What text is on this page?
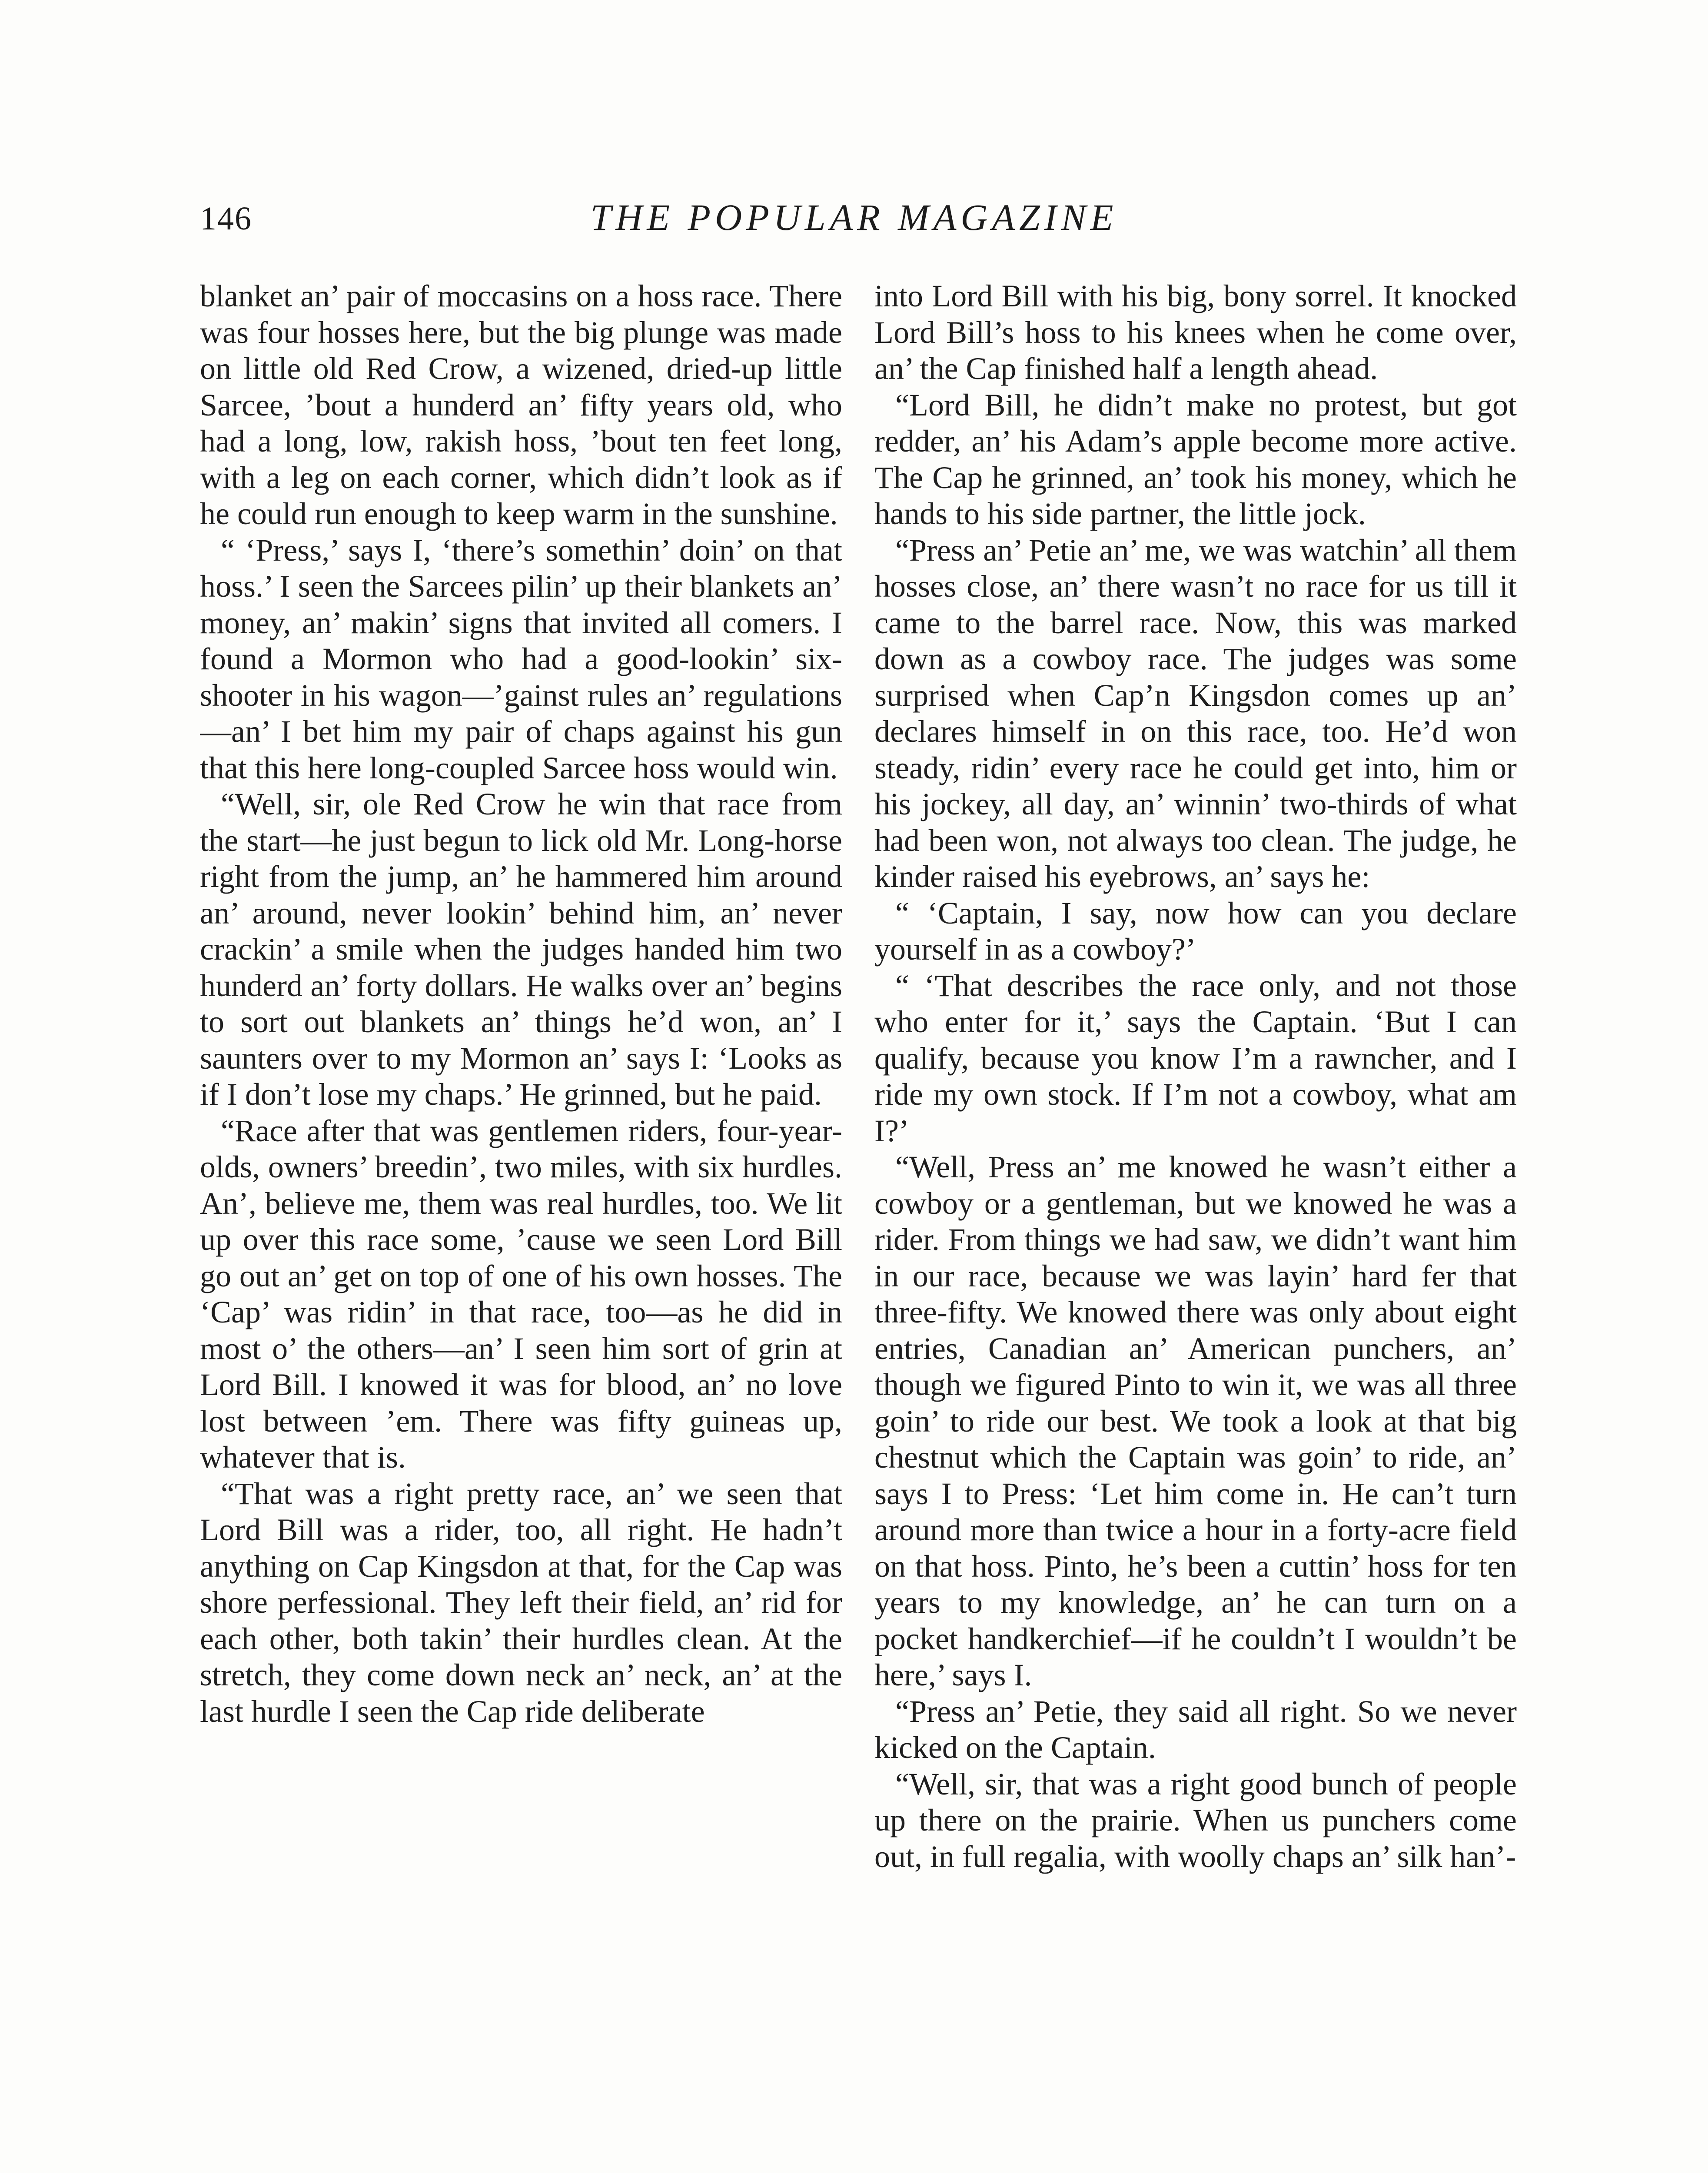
146	THE POPULAR MAGAZINE

blanket an’ pair of moccasins on a hoss race. There was four hosses here, but the big plunge was made on little old Red Crow, a wizened, dried-up little Sarcee, ’bout a hunderd an’ fifty years old, who had a long, low, rakish hoss, ’bout ten feet long, with a leg on each corner, which didn’t look as if he could run enough to keep warm in the sunshine.

“ ‘Press,’ says I, ‘there’s somethin’ doin’ on that hoss.’ I seen the Sarcees pilin’ up their blankets an’ money, an’ makin’ signs that invited all comers. I found a Mormon who had a good-lookin’ six-shooter in his wagon—’gainst rules an’ regulations—an’ I bet him my pair of chaps against his gun that this here long-coupled Sarcee hoss would win.

“Well, sir, ole Red Crow he win that race from the start—he just begun to lick old Mr. Long-horse right from the jump, an’ he hammered him around an’ around, never lookin’ behind him, an’ never crackin’ a smile when the judges handed him two hunderd an’ forty dollars. He walks over an’ begins to sort out blankets an’ things he’d won, an’ I saunters over to my Mormon an’ says I: ‘Looks as if I don’t lose my chaps.’ He grinned, but he paid.

“Race after that was gentlemen riders, four-year-olds, owners’ breedin’, two miles, with six hurdles. An’, believe me, them was real hurdles, too. We lit up over this race some, ’cause we seen Lord Bill go out an’ get on top of one of his own hosses. The ‘Cap’ was ridin’ in that race, too—as he did in most o’ the others—an’ I seen him sort of grin at Lord Bill. I knowed it was for blood, an’ no love lost between ’em. There was fifty guineas up, whatever that is.

“That was a right pretty race, an’ we seen that Lord Bill was a rider, too, all right. He hadn’t anything on Cap Kingsdon at that, for the Cap was shore perfessional. They left their field, an’ rid for each other, both takin’ their hurdles clean. At the stretch, they come down neck an’ neck, an’ at the last hurdle I seen the Cap ride deliberate

into Lord Bill with his big, bony sorrel. It knocked Lord Bill’s hoss to his knees when he come over, an’ the Cap finished half a length ahead.

“Lord Bill, he didn’t make no protest, but got redder, an’ his Adam’s apple become more active. The Cap he grinned, an’ took his money, which he hands to his side partner, the little jock.

“Press an’ Petie an’ me, we was watchin’ all them hosses close, an’ there wasn’t no race for us till it came to the barrel race. Now, this was marked down as a cowboy race. The judges was some surprised when Cap’n Kingsdon comes up an’ declares himself in on this race, too. He’d won steady, ridin’ every race he could get into, him or his jockey, all day, an’ winnin’ two-thirds of what had been won, not always too clean. The judge, he kinder raised his eyebrows, an’ says he:

“ ‘Captain, I say, now how can you declare yourself in as a cowboy?’

“ ‘That describes the race only, and not those who enter for it,’ says the Captain. ‘But I can qualify, because you know I’m a rawncher, and I ride my own stock. If I’m not a cowboy, what am I?’

“Well, Press an’ me knowed he wasn’t either a cowboy or a gentleman, but we knowed he was a rider. From things we had saw, we didn’t want him in our race, because we was layin’ hard fer that three-fifty. We knowed there was only about eight entries, Canadian an’ American punchers, an’ though we figured Pinto to win it, we was all three goin’ to ride our best. We took a look at that big chestnut which the Captain was goin’ to ride, an’ says I to Press: ‘Let him come in. He can’t turn around more than twice a hour in a forty-acre field on that hoss. Pinto, he’s been a cuttin’ hoss for ten years to my knowledge, an’ he can turn on a pocket handkerchief—if he couldn’t I wouldn’t be here,’ says I.

“Press an’ Petie, they said all right. So we never kicked on the Captain.

“Well, sir, that was a right good bunch of people up there on the prairie. When us punchers come out, in full regalia, with woolly chaps an’ silk han’-
